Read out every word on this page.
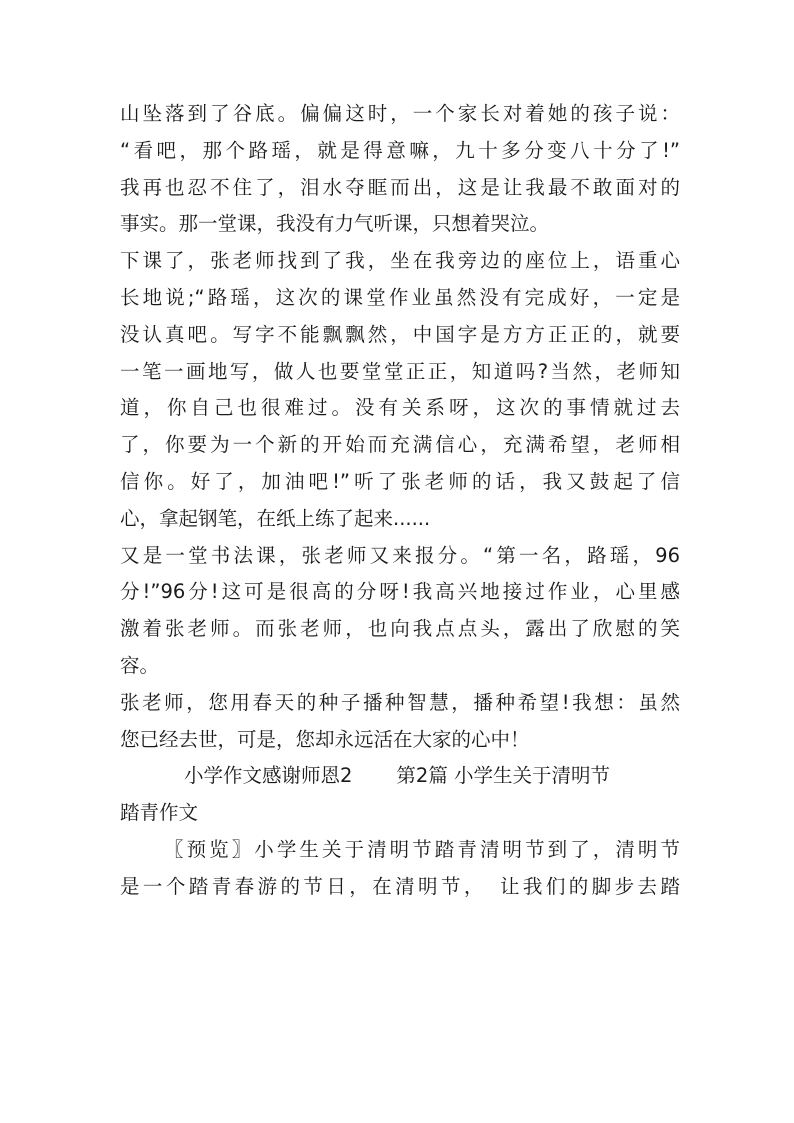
山坠落到了谷底。偏偏这时，一个家长对着她的孩子说：
“看吧，那个路瑶，就是得意嘛，九十多分变八十分了!”
我再也忍不住了，泪水夺眶而出，这是让我最不敢面对的
事实。那一堂课，我没有力气听课，只想着哭泣。
下课了，张老师找到了我，坐在我旁边的座位上，语重心
长地说;“路瑶，这次的课堂作业虽然没有完成好，一定是
没认真吧。写字不能飘飘然，中国字是方方正正的，就要
一笔一画地写，做人也要堂堂正正，知道吗?当然，老师知
道，你自己也很难过。没有关系呀，这次的事情就过去
了，你要为一个新的开始而充满信心，充满希望，老师相
信你。好了，加油吧!”听了张老师的话，我又鼓起了信
心，拿起钢笔，在纸上练了起来......
又是一堂书法课，张老师又来报分。“第一名，路瑶，96
分!”96分!这可是很高的分呀!我高兴地接过作业，心里感
激着张老师。而张老师，也向我点点头，露出了欣慰的笑
容。
张老师，您用春天的种子播种智慧，播种希望!我想：虽然
您已经去世，可是，您却永远活在大家的心中！
小学作文感谢师恩2 第2篇 小学生关于清明节
踏青作文
〖预览〗小学生关于清明节踏青清明节到了，清明节
是一个踏青春游的节日，在清明节，　让我们的脚步去踏
